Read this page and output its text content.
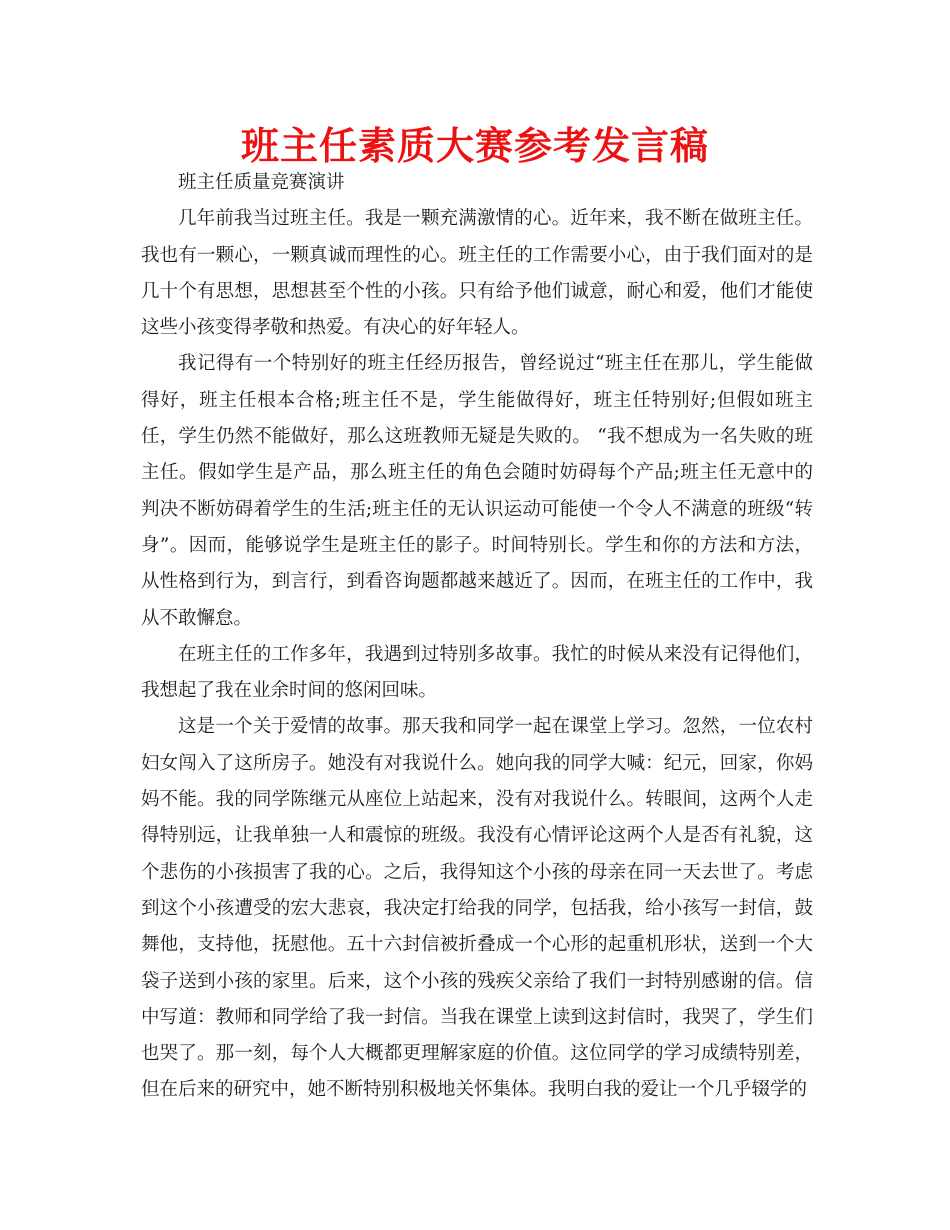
班主任素质大赛参考发言稿

班主任质量竞赛演讲

几年前我当过班主任。我是一颗充满激情的心。近年来，我不断在做班主任。我也有一颗心，一颗真诚而理性的心。班主任的工作需要小心，由于我们面对的是几十个有思想，思想甚至个性的小孩。只有给予他们诚意，耐心和爱，他们才能使这些小孩变得孝敬和热爱。有决心的好年轻人。

我记得有一个特别好的班主任经历报告，曾经说过“班主任在那儿，学生能做得好，班主任根本合格;班主任不是，学生能做得好，班主任特别好;但假如班主任，学生仍然不能做好，那么这班教师无疑是失败的。 “我不想成为一名失败的班主任。假如学生是产品，那么班主任的角色会随时妨碍每个产品;班主任无意中的判决不断妨碍着学生的生活;班主任的无认识运动可能使一个令人不满意的班级“转身”。因而，能够说学生是班主任的影子。时间特别长。学生和你的方法和方法，从性格到行为，到言行，到看咨询题都越来越近了。因而，在班主任的工作中，我从不敢懈怠。

在班主任的工作多年，我遇到过特别多故事。我忙的时候从来没有记得他们，我想起了我在业余时间的悠闲回味。

这是一个关于爱情的故事。那天我和同学一起在课堂上学习。忽然，一位农村妇女闯入了这所房子。她没有对我说什么。她向我的同学大喊：纪元，回家，你妈妈不能。我的同学陈继元从座位上站起来，没有对我说什么。转眼间，这两个人走得特别远，让我单独一人和震惊的班级。我没有心情评论这两个人是否有礼貌，这个悲伤的小孩损害了我的心。之后，我得知这个小孩的母亲在同一天去世了。考虑到这个小孩遭受的宏大悲哀，我决定打给我的同学，包括我，给小孩写一封信，鼓舞他，支持他，抚慰他。五十六封信被折叠成一个心形的起重机形状，送到一个大袋子送到小孩的家里。后来，这个小孩的残疾父亲给了我们一封特别感谢的信。信中写道：教师和同学给了我一封信。当我在课堂上读到这封信时，我哭了，学生们也哭了。那一刻，每个人大概都更理解家庭的价值。这位同学的学习成绩特别差，但在后来的研究中，她不断特别积极地关怀集体。我明白我的爱让一个几乎辍学的
